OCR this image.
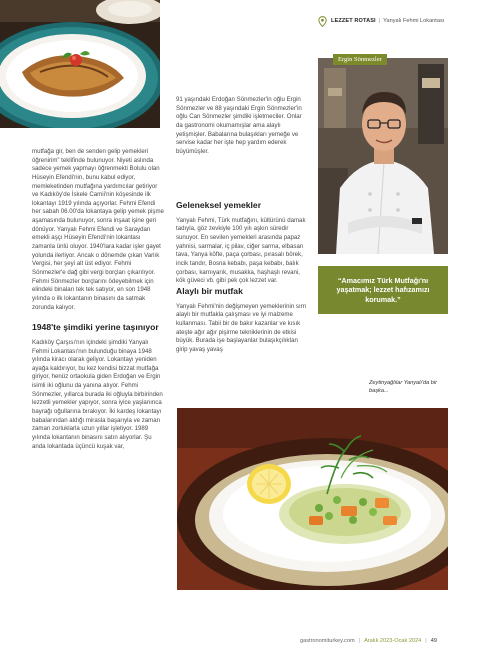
LEZZET ROTASI | Yanyalı Fehmi Lokantası
Ergin Sönmezler
“Amacımız Türk Mutfağı'nı yaşatmak; lezzet hafızamızı korumak.”
Zeytinyağlılar Yanyalı'da bir başka...

mutfağa gir, ben de senden gelip yemekleri öğrenirim” teklifinde bulunuyor. Niyeti aslında sadece yemek yapmayı öğrenmekti Bolulu olan Hüseyin Efendi'nin, bunu kabul ediyor, memleketinden mutfağına yardımcılar getiriyor ve Kadıköy'de İskele Camii'nin köşesinde ilk lokantayı 1919 yılında açıyorlar. Fehmi Efendi her sabah 06.00'da lokantaya gelip yemek pişme aşamasında bulunuyor, sonra inşaat işine geri dönüyor. Yanyalı Fehmi Efendi ve Saraydan emekli aşçı Hüseyin Efendi'nin lokantası zamanla ünlü oluyor. 1940'lara kadar işler gayet yolunda ilerliyor. Ancak o dönemde çıkan Varlık Vergisi, her şeyi alt üst ediyor. Fehmi Sönmezler'e dağ gibi vergi borçları çıkarılıyor. Fehmi Sönmezler borçlarını ödeyebilmek için elindeki binaları tek tek satıyor, en son 1948 yılında o ilk lokantanın binasını da satmak zorunda kalıyor.

1948'te şimdiki yerine taşınıyor

Kadıköy Çarşısı'nın içindeki şimdiki Yanyalı Fehmi Lokantası'nın bulunduğu binaya 1948 yılında kiracı olarak geliyor. Lokantayı yeniden ayağa kaldırıyor, bu kez kendisi bizzat mutfağa giriyor, henüz ortaokula giden Erdoğan ve Ergin isimli iki oğlunu da yanına alıyor. Fehmi Sönmezler, yıllarca burada iki oğluyla birbirinden lezzetli yemekler yapıyor, sonra iyice yaşlanınca bayrağı oğullarına bırakıyor. İki kardeş lokantayı babalarından aldığı mirasla başarıyla ve zaman zaman zorluklarla uzun yıllar işletiyor. 1989 yılında lokantanın binasını satın alıyorlar. Şu anda lokantada üçüncü kuşak var,

91 yaşındaki Erdoğan Sönmezler'in oğlu Ergin Sönmezler ve 88 yaşındaki Ergin Sönmezler'in oğlu Can Sönmezler şimdiki işletmeciler. Onlar da gastronomi okumamışlar ama alaylı yetişmişler. Babalarına bulaşıkları yemeğe ve servise kadar her işte hep yardım ederek büyümüşler.

Geleneksel yemekler

Yanyalı Fehmi, Türk mutfağını, kültürünü damak tadıyla, göz zevkiyle 100 yılı aşkın süredir sunuyor. En sevilen yemekleri arasında papaz yahnisi, sarmalar, iç pilav, ciğer sarma, elbasan tava, Yanya köfte, paça çorbası, pırasalı börek, incik tandır, Bosna kebabı, paşa kebabı, balık çorbası, karnıyarık, musakka, haşhaşlı revani, kök güveci vb. gibi pek çok lezzet var.

Alaylı bir mutfak

Yanyalı Fehmi'nin değişmeyen yemeklerinin sırrı alaylı bir mutfakla çalışması ve iyi malzeme kullanması. Tabii bir de bakır kazanlar ve kısık ateşte ağır ağır pişirme tekniklerinin de etkisi büyük. Burada işe başlayanlar bulaşıkçılıktan girip yavaş yavaş

gastronomiturkey.com | Aralık 2023-Ocak 2024 | 49
